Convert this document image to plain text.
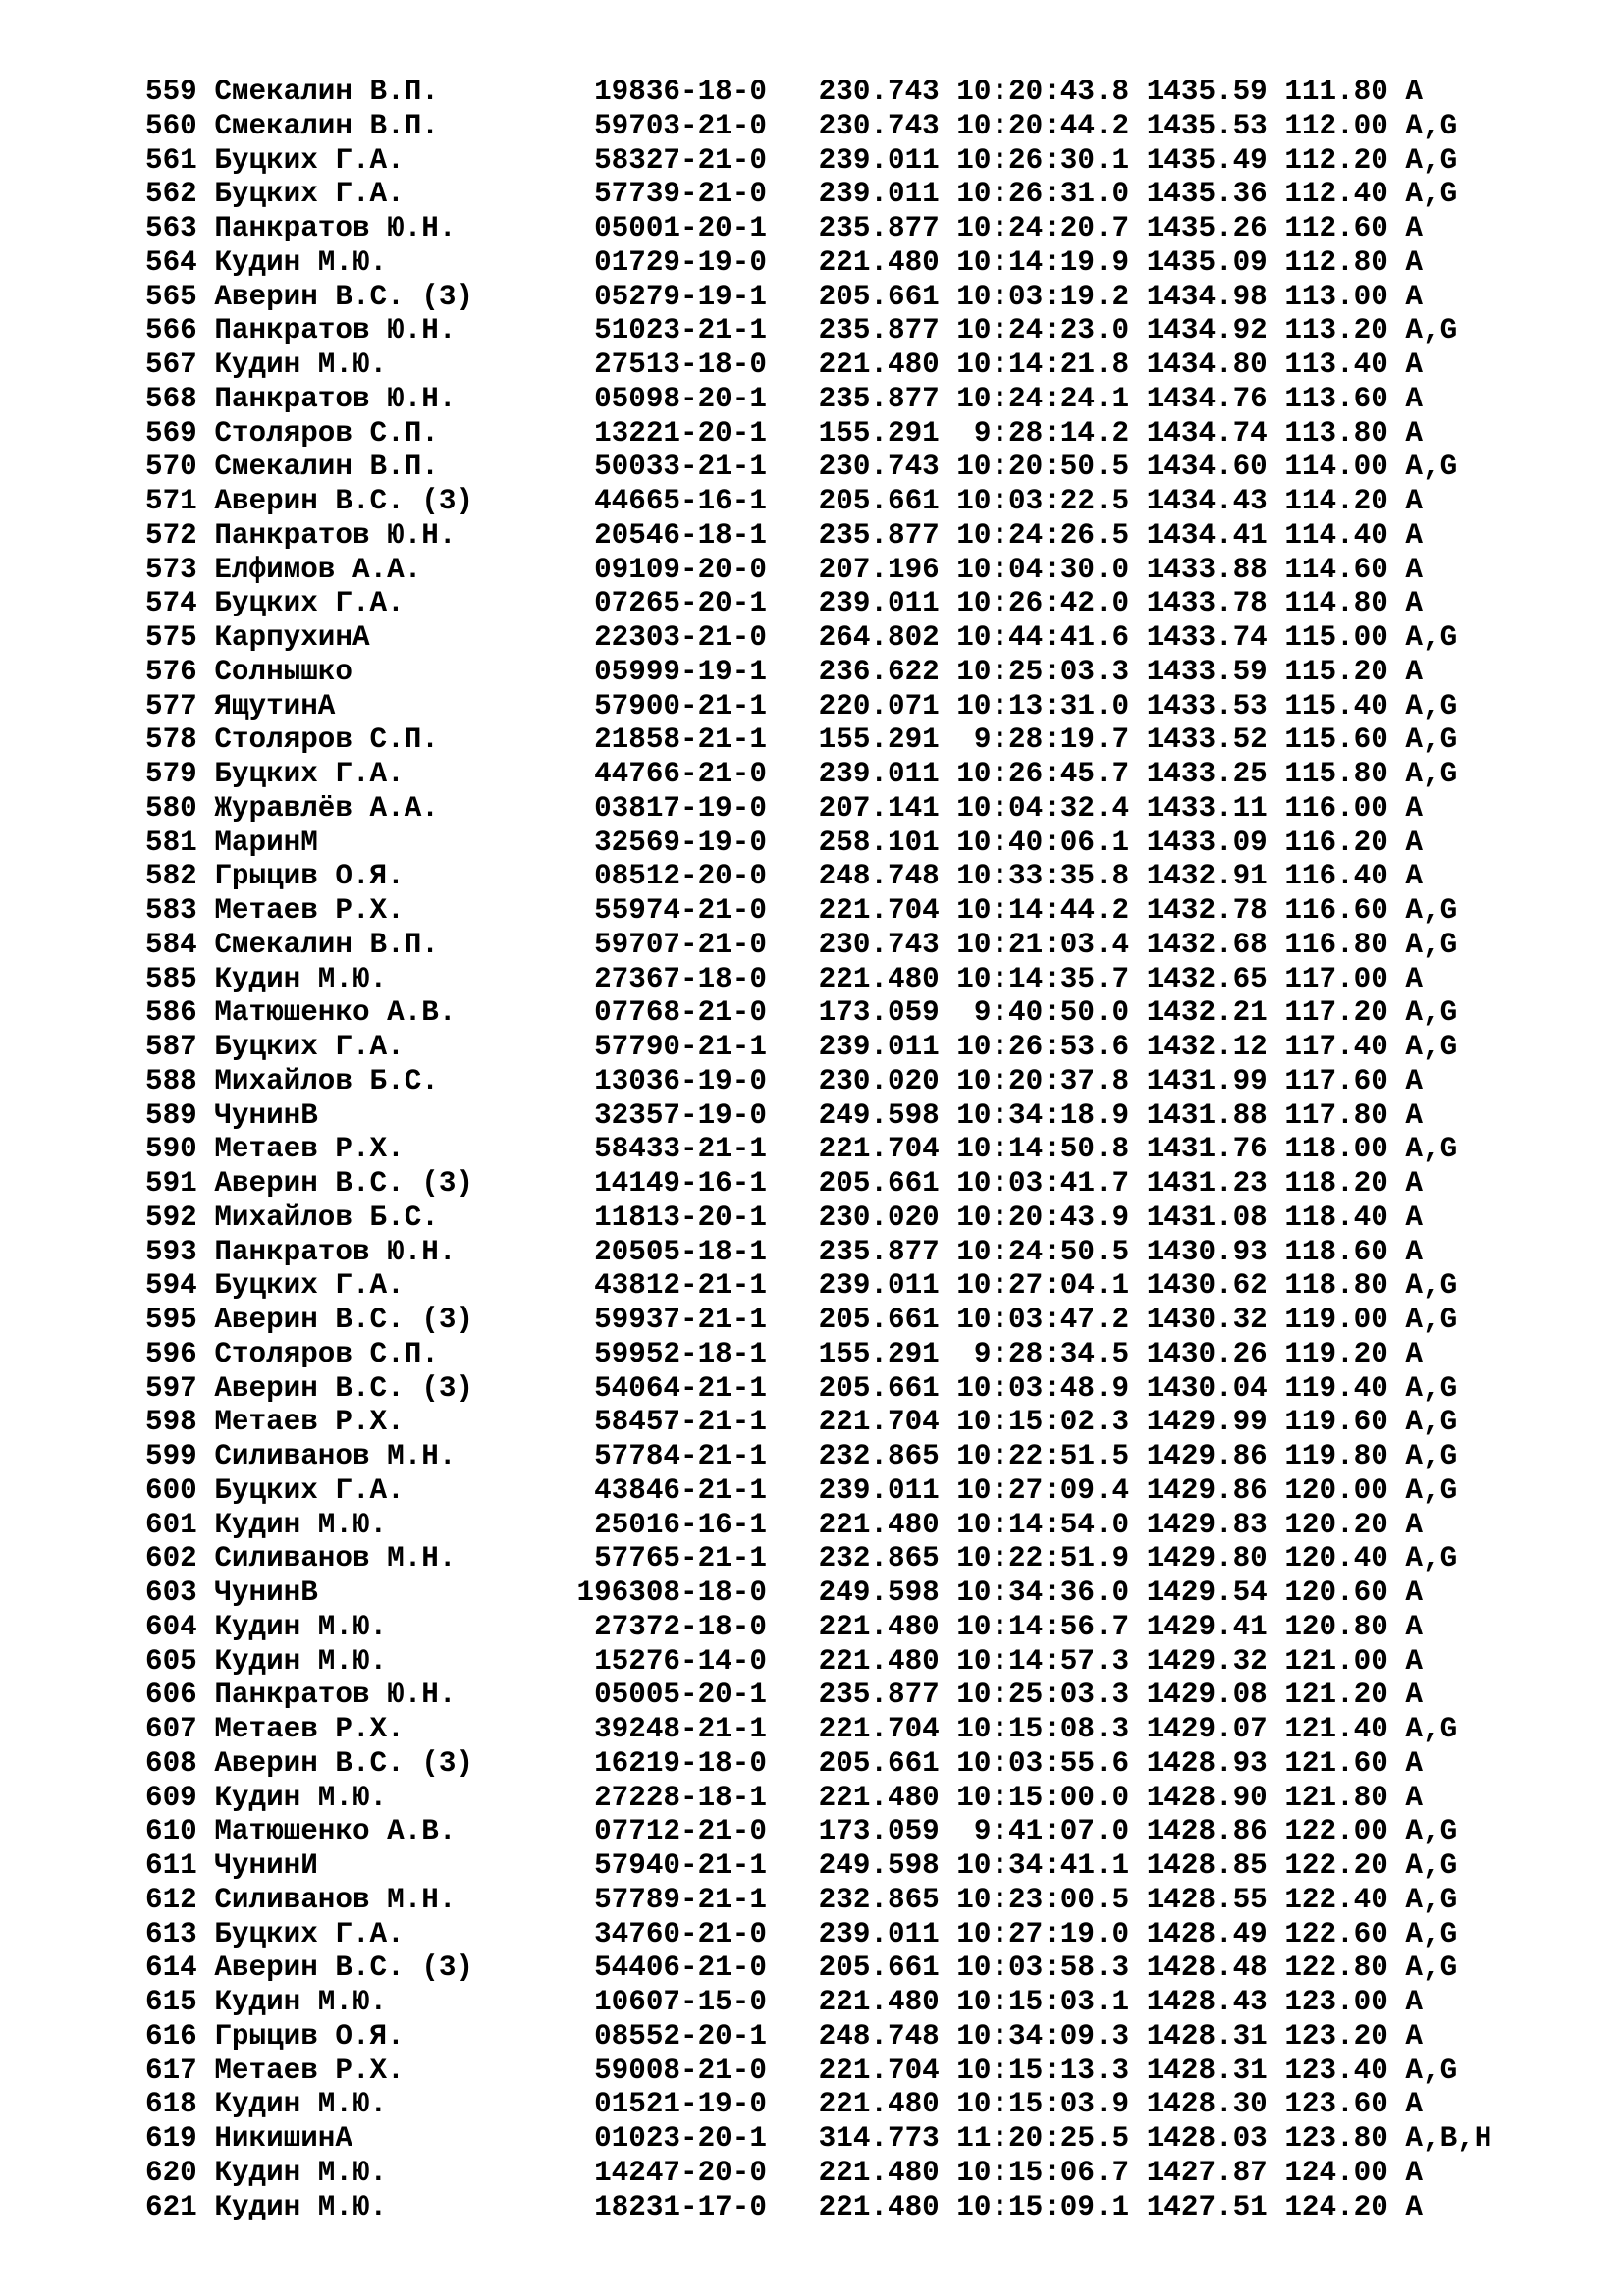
559 Смекалин В.П.         19836-18-0   230.743 10:20:43.8 1435.59 111.80 A
560 Смекалин В.П.         59703-21-0   230.743 10:20:44.2 1435.53 112.00 A,G
561 Буцких Г.А.           58327-21-0   239.011 10:26:30.1 1435.49 112.20 A,G
562 Буцких Г.А.           57739-21-0   239.011 10:26:31.0 1435.36 112.40 A,G
563 Панкратов Ю.Н.        05001-20-1   235.877 10:24:20.7 1435.26 112.60 A
564 Кудин М.Ю.            01729-19-0   221.480 10:14:19.9 1435.09 112.80 A
565 Аверин В.С. (3)       05279-19-1   205.661 10:03:19.2 1434.98 113.00 A
566 Панкратов Ю.Н.        51023-21-1   235.877 10:24:23.0 1434.92 113.20 A,G
567 Кудин М.Ю.            27513-18-0   221.480 10:14:21.8 1434.80 113.40 A
568 Панкратов Ю.Н.        05098-20-1   235.877 10:24:24.1 1434.76 113.60 A
569 Столяров С.П.         13221-20-1   155.291  9:28:14.2 1434.74 113.80 A
570 Смекалин В.П.         50033-21-1   230.743 10:20:50.5 1434.60 114.00 A,G
571 Аверин В.С. (3)       44665-16-1   205.661 10:03:22.5 1434.43 114.20 A
572 Панкратов Ю.Н.        20546-18-1   235.877 10:24:26.5 1434.41 114.40 A
573 Елфимов А.А.          09109-20-0   207.196 10:04:30.0 1433.88 114.60 A
574 Буцких Г.А.           07265-20-1   239.011 10:26:42.0 1433.78 114.80 A
575 КарпухинА             22303-21-0   264.802 10:44:41.6 1433.74 115.00 A,G
576 Солнышко              05999-19-1   236.622 10:25:03.3 1433.59 115.20 A
577 ЯщутинА               57900-21-1   220.071 10:13:31.0 1433.53 115.40 A,G
578 Столяров С.П.         21858-21-1   155.291  9:28:19.7 1433.52 115.60 A,G
579 Буцких Г.А.           44766-21-0   239.011 10:26:45.7 1433.25 115.80 A,G
580 Журавлёв А.А.         03817-19-0   207.141 10:04:32.4 1433.11 116.00 A
581 МаринМ                32569-19-0   258.101 10:40:06.1 1433.09 116.20 A
582 Грыцив О.Я.           08512-20-0   248.748 10:33:35.8 1432.91 116.40 A
583 Метаев Р.Х.           55974-21-0   221.704 10:14:44.2 1432.78 116.60 A,G
584 Смекалин В.П.         59707-21-0   230.743 10:21:03.4 1432.68 116.80 A,G
585 Кудин М.Ю.            27367-18-0   221.480 10:14:35.7 1432.65 117.00 A
586 Матюшенко А.В.        07768-21-0   173.059  9:40:50.0 1432.21 117.20 A,G
587 Буцких Г.А.           57790-21-1   239.011 10:26:53.6 1432.12 117.40 A,G
588 Михайлов Б.С.         13036-19-0   230.020 10:20:37.8 1431.99 117.60 A
589 ЧунинВ                32357-19-0   249.598 10:34:18.9 1431.88 117.80 A
590 Метаев Р.Х.           58433-21-1   221.704 10:14:50.8 1431.76 118.00 A,G
591 Аверин В.С. (3)       14149-16-1   205.661 10:03:41.7 1431.23 118.20 A
592 Михайлов Б.С.         11813-20-1   230.020 10:20:43.9 1431.08 118.40 A
593 Панкратов Ю.Н.        20505-18-1   235.877 10:24:50.5 1430.93 118.60 A
594 Буцких Г.А.           43812-21-1   239.011 10:27:04.1 1430.62 118.80 A,G
595 Аверин В.С. (3)       59937-21-1   205.661 10:03:47.2 1430.32 119.00 A,G
596 Столяров С.П.         59952-18-1   155.291  9:28:34.5 1430.26 119.20 A
597 Аверин В.С. (3)       54064-21-1   205.661 10:03:48.9 1430.04 119.40 A,G
598 Метаев Р.Х.           58457-21-1   221.704 10:15:02.3 1429.99 119.60 A,G
599 Силиванов М.Н.        57784-21-1   232.865 10:22:51.5 1429.86 119.80 A,G
600 Буцких Г.А.           43846-21-1   239.011 10:27:09.4 1429.86 120.00 A,G
601 Кудин М.Ю.            25016-16-1   221.480 10:14:54.0 1429.83 120.20 A
602 Силиванов М.Н.        57765-21-1   232.865 10:22:51.9 1429.80 120.40 A,G
603 ЧунинВ               196308-18-0   249.598 10:34:36.0 1429.54 120.60 A
604 Кудин М.Ю.            27372-18-0   221.480 10:14:56.7 1429.41 120.80 A
605 Кудин М.Ю.            15276-14-0   221.480 10:14:57.3 1429.32 121.00 A
606 Панкратов Ю.Н.        05005-20-1   235.877 10:25:03.3 1429.08 121.20 A
607 Метаев Р.Х.           39248-21-1   221.704 10:15:08.3 1429.07 121.40 A,G
608 Аверин В.С. (3)       16219-18-0   205.661 10:03:55.6 1428.93 121.60 A
609 Кудин М.Ю.            27228-18-1   221.480 10:15:00.0 1428.90 121.80 A
610 Матюшенко А.В.        07712-21-0   173.059  9:41:07.0 1428.86 122.00 A,G
611 ЧунинИ                57940-21-1   249.598 10:34:41.1 1428.85 122.20 A,G
612 Силиванов М.Н.        57789-21-1   232.865 10:23:00.5 1428.55 122.40 A,G
613 Буцких Г.А.           34760-21-0   239.011 10:27:19.0 1428.49 122.60 A,G
614 Аверин В.С. (3)       54406-21-0   205.661 10:03:58.3 1428.48 122.80 A,G
615 Кудин М.Ю.            10607-15-0   221.480 10:15:03.1 1428.43 123.00 A
616 Грыцив О.Я.           08552-20-1   248.748 10:34:09.3 1428.31 123.20 A
617 Метаев Р.Х.           59008-21-0   221.704 10:15:13.3 1428.31 123.40 A,G
618 Кудин М.Ю.            01521-19-0   221.480 10:15:03.9 1428.30 123.60 A
619 НикишинА              01023-20-1   314.773 11:20:25.5 1428.03 123.80 A,B,H
620 Кудин М.Ю.            14247-20-0   221.480 10:15:06.7 1427.87 124.00 A
621 Кудин М.Ю.            18231-17-0   221.480 10:15:09.1 1427.51 124.20 A
